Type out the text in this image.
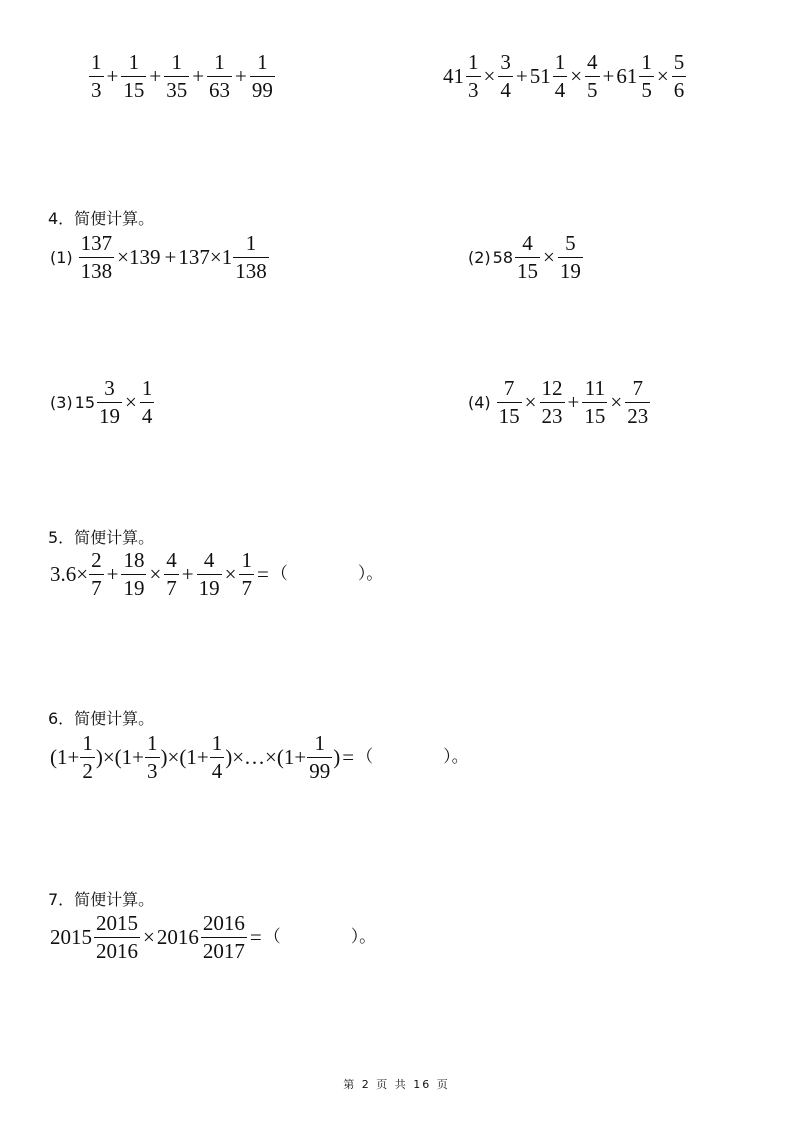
$\frac{1}{3} + \frac{1}{15} + \frac{1}{35} + \frac{1}{63} + \frac{1}{99}$	$41 \frac{1}{3} \times \frac{3}{4} + 51 \frac{1}{4} \times \frac{4}{5} + 61 \frac{1}{5} \times \frac{5}{6}$
4．简便计算。
$(1) \frac{137}{138} \times 139 + 137\times 1 \frac{1}{138}$	(2) $58 \frac{4}{15} \times \frac{5}{19}$
(3) $15 \frac{3}{19} \times \frac{1}{4}$	$(4) \frac{7}{15} \times \frac{12}{23} + \frac{11}{15} \times \frac{7}{23}$
5．简便计算。
$3.6\times \frac{2}{7} + \frac{18}{19} \times \frac{4}{7} + \frac{4}{19} \times \frac{1}{7}$ = （	）。
6．简便计算。
$(1+ \frac{1}{2} )\times(1+ \frac{1}{3} )\times(1+ \frac{1}{4}$ )×…×(1+ $\frac{1}{99}$ ) = （	）。
7．简便计算。
$2015 \frac{2015}{2016} \times 2016 \frac{2016}{2017}$ = （	）。
第 2 页 共 16 页
